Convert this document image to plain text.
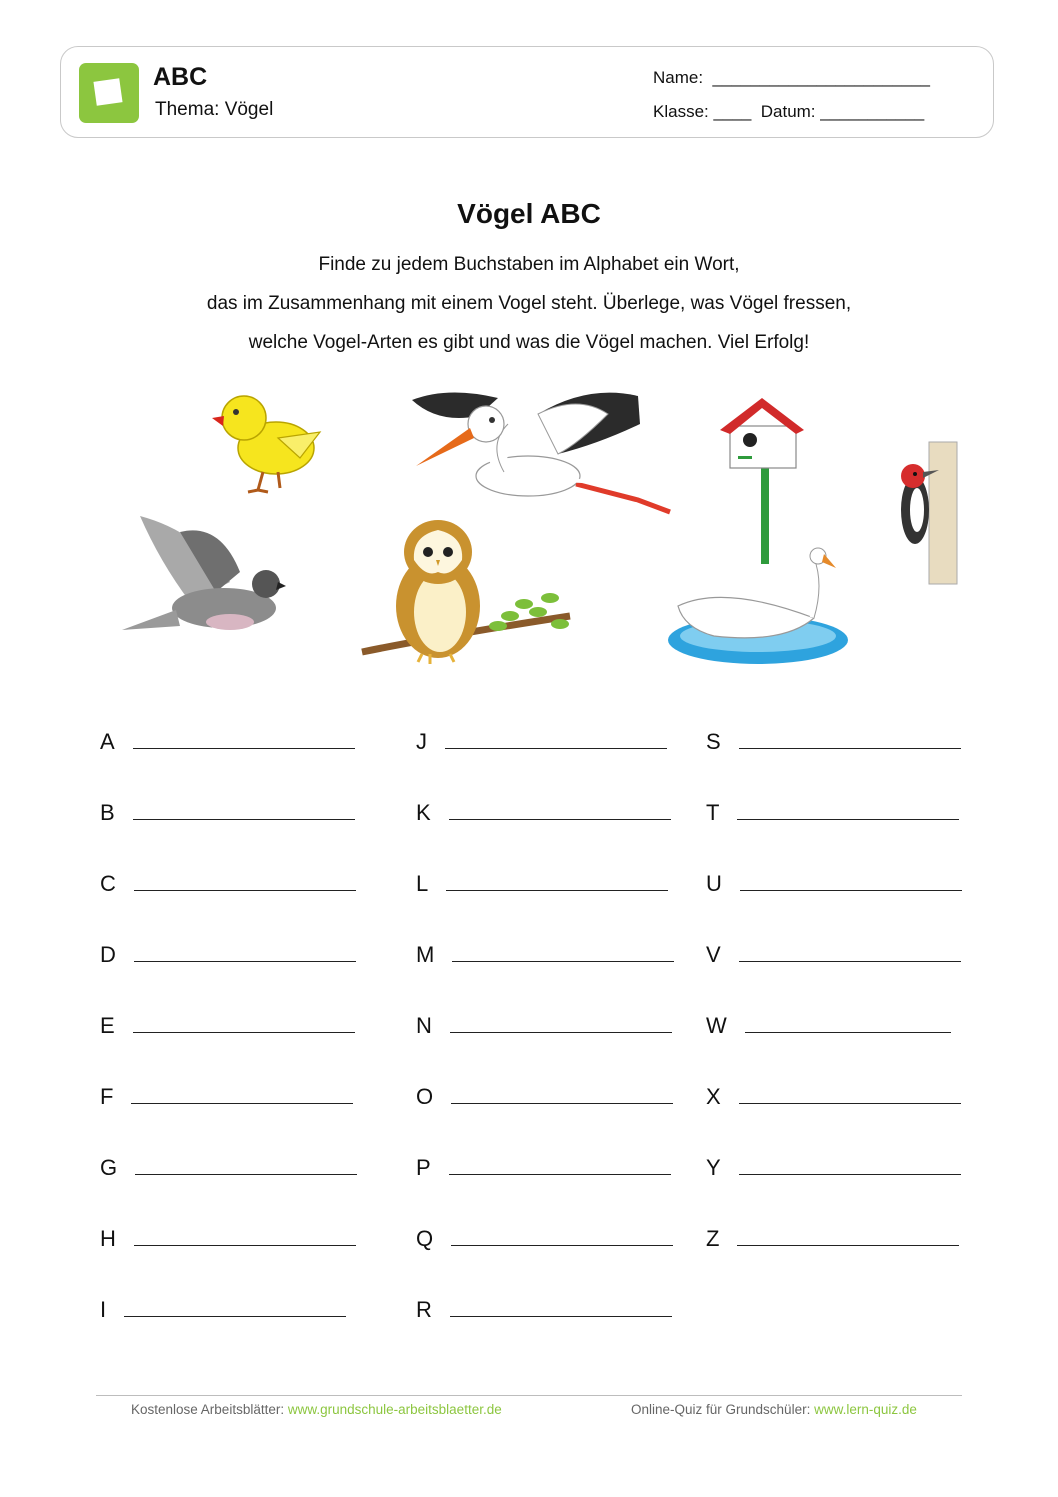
ABC
Thema: Vögel
Name:  _______________________
Klasse: ____  Datum: ___________
Vögel ABC
Finde zu jedem Buchstaben im Alphabet ein Wort,
das im Zusammenhang mit einem Vogel steht. Überlege, was Vögel fressen,
welche Vogel-Arten es gibt und was die Vögel machen. Viel Erfolg!
A
B
C
D
E
F
G
H
I
J
K
L
M
N
O
P
Q
R
S
T
U
V
W
X
Y
Z
Kostenlose Arbeitsblätter: www.grundschule-arbeitsblaetter.de	Online-Quiz für Grundschüler: www.lern-quiz.de
